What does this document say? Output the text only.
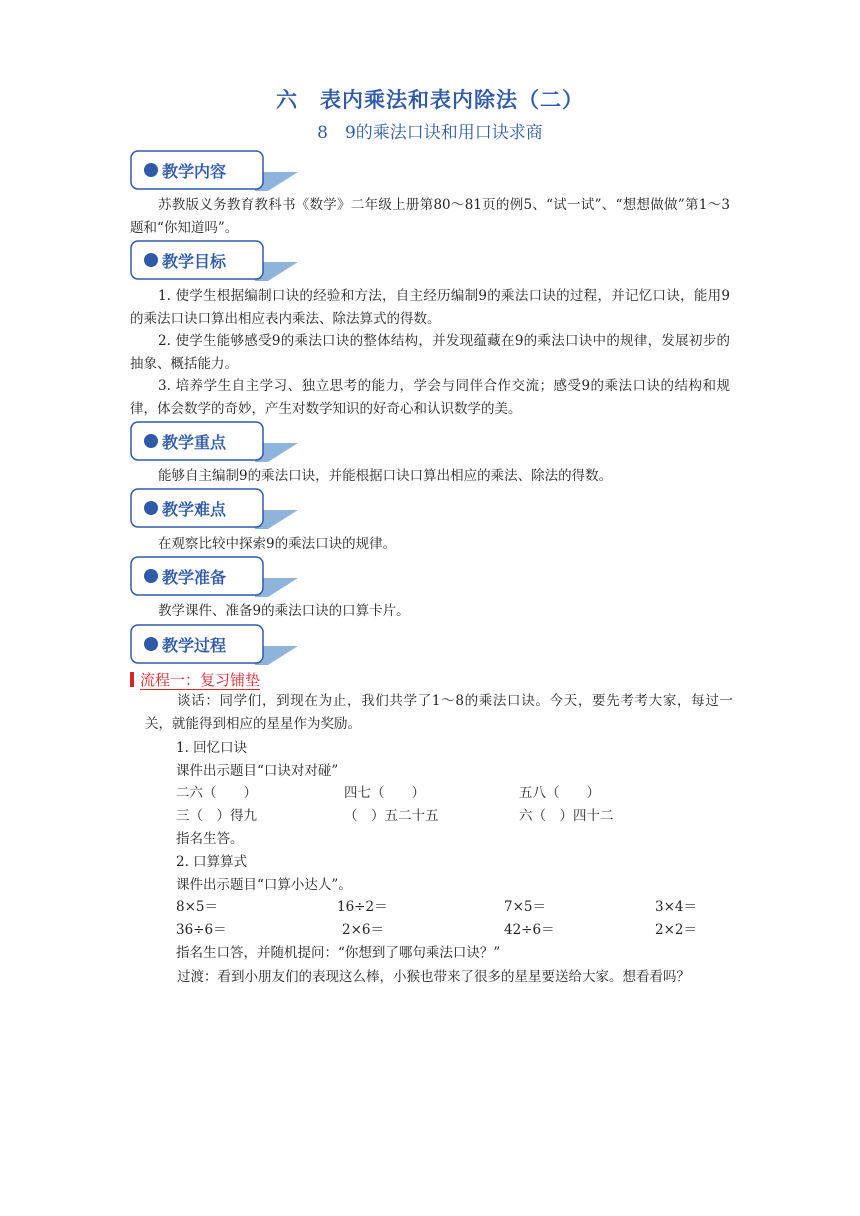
六　表内乘法和表内除法（二）
8　9的乘法口诀和用口诀求商
教学内容
苏教版义务教育教科书《数学》二年级上册第80～81页的例5、“试一试”、“想想做做”第1～3题和“你知道吗”。
教学目标
1. 使学生根据编制口诀的经验和方法，自主经历编制9的乘法口诀的过程，并记忆口诀，能用9的乘法口诀口算出相应表内乘法、除法算式的得数。
2. 使学生能够感受9的乘法口诀的整体结构，并发现蕴藏在9的乘法口诀中的规律，发展初步的抽象、概括能力。
3. 培养学生自主学习、独立思考的能力，学会与同伴合作交流；感受9的乘法口诀的结构和规律，体会数学的奇妙，产生对数学知识的好奇心和认识数学的美。
教学重点
能够自主编制9的乘法口诀，并能根据口诀口算出相应的乘法、除法的得数。
教学难点
在观察比较中探索9的乘法口诀的规律。
教学准备
教学课件、准备9的乘法口诀的口算卡片。
教学过程
流程一：复习铺垫
谈话：同学们，到现在为止，我们共学了1～8的乘法口诀。今天，要先考考大家，每过一关，就能得到相应的星星作为奖励。
1. 回忆口诀
课件出示题目“口诀对对碰”
二六（　　）	四七（　　）	五八（　　）
三（　）得九	（　）五二十五	六（　）四十二
指名生答。
2. 口算算式
课件出示题目“口算小达人”。
8×5＝	16÷2＝	7×5＝	3×4＝
36÷6＝	2×6＝	42÷6＝	2×2＝
指名生口答，并随机提问：“你想到了哪句乘法口诀？”
过渡：看到小朋友们的表现这么棒，小猴也带来了很多的星星要送给大家。想看看吗？
